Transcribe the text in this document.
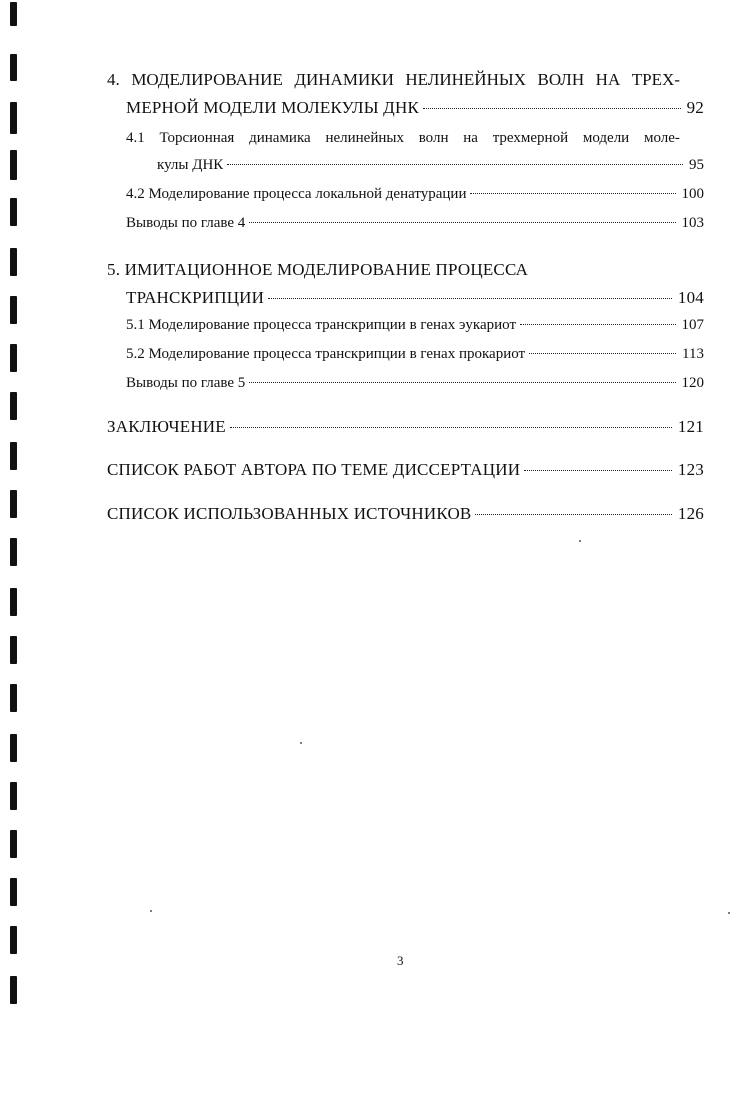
4. МОДЕЛИРОВАНИЕ ДИНАМИКИ НЕЛИНЕЙНЫХ ВОЛН НА ТРЕХ-
МЕРНОЙ МОДЕЛИ МОЛЕКУЛЫ ДНК	92
4.1 Торсионная динамика нелинейных волн на трехмерной модели моле-
кулы ДНК	95
4.2 Моделирование процесса локальной денатурации	100
Выводы по главе 4	103
5. ИМИТАЦИОННОЕ МОДЕЛИРОВАНИЕ ПРОЦЕССА
ТРАНСКРИПЦИИ	104
5.1 Моделирование процесса транскрипции в генах эукариот	107
5.2 Моделирование процесса транскрипции в генах прокариот	113
Выводы по главе 5	120
ЗАКЛЮЧЕНИЕ	121
СПИСОК РАБОТ АВТОРА ПО ТЕМЕ ДИССЕРТАЦИИ	123
СПИСОК ИСПОЛЬЗОВАННЫХ ИСТОЧНИКОВ	126
3
